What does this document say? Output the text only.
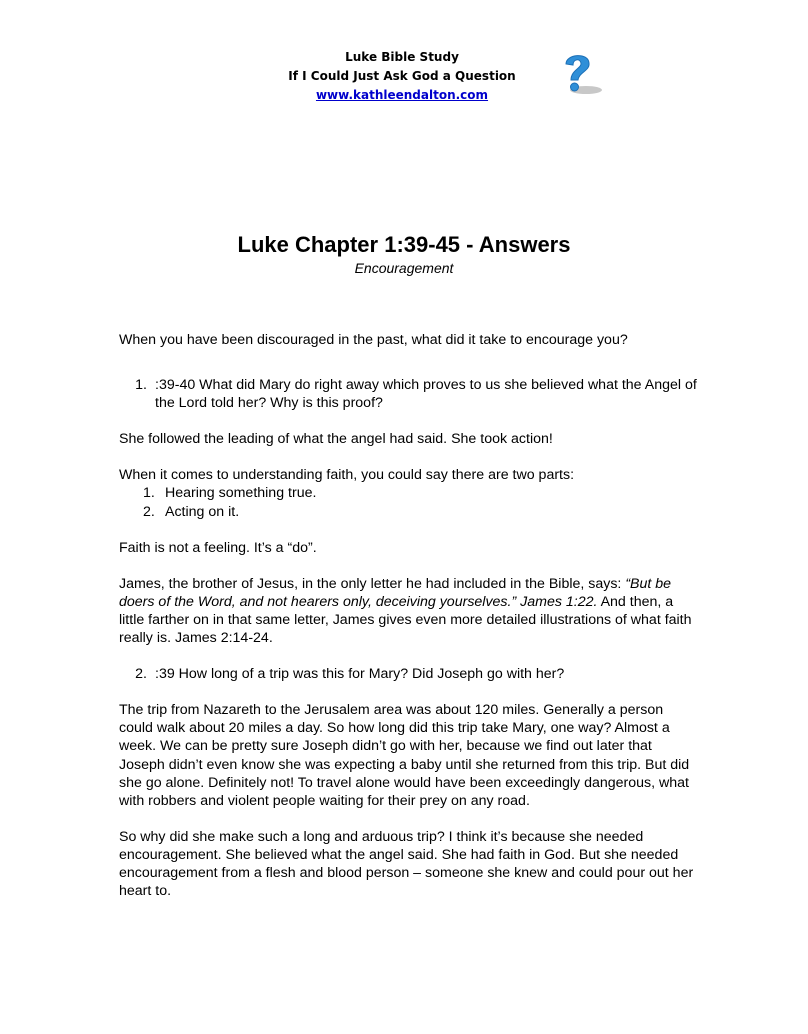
Luke Bible Study
If I Could Just Ask God a Question
www.kathleendalton.com
Luke Chapter 1:39-45 - Answers
Encouragement

When you have been discouraged in the past, what did it take to encourage you?

1. :39-40 What did Mary do right away which proves to us she believed what the Angel of the Lord told her? Why is this proof?

She followed the leading of what the angel had said. She took action!

When it comes to understanding faith, you could say there are two parts:

1. Hearing something true.
2. Acting on it.

Faith is not a feeling. It’s a “do”.

James, the brother of Jesus, in the only letter he had included in the Bible, says: “But be doers of the Word, and not hearers only, deceiving yourselves.” James 1:22. And then, a little farther on in that same letter, James gives even more detailed illustrations of what faith really is. James 2:14-24.

2. :39 How long of a trip was this for Mary? Did Joseph go with her?

The trip from Nazareth to the Jerusalem area was about 120 miles. Generally a person could walk about 20 miles a day. So how long did this trip take Mary, one way? Almost a week. We can be pretty sure Joseph didn’t go with her, because we find out later that Joseph didn’t even know she was expecting a baby until she returned from this trip. But did she go alone. Definitely not! To travel alone would have been exceedingly dangerous, what with robbers and violent people waiting for their prey on any road.

So why did she make such a long and arduous trip? I think it’s because she needed encouragement. She believed what the angel said. She had faith in God. But she needed encouragement from a flesh and blood person – someone she knew and could pour out her heart to.
